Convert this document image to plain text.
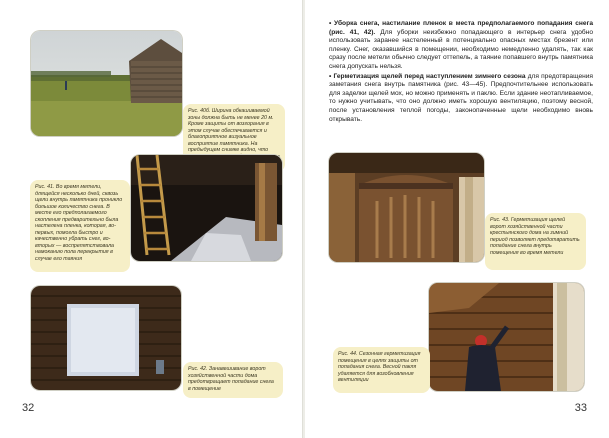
Рис. 40б. Ширина обкашиваемой зоны должна быть не менее 20 м. Кроме защиты от возгорания в этом случае обеспечивается и благоприятное визуальное восприятие памятника. На предыдущем снимке видно, что
Рис. 41. Во время метели, длящейся несколько дней, сквозь щели внутрь памятника проникло большое количество снега. В месте его предполагаемого скопления предварительно была настелена пленка, которая, во-первых, помогла быстро и качественно убрать снег, во-вторых — воспрепятствовала намоканию пола перекрытия в случае его таяния
Рис. 42. Занавешивание ворот хозяйственной части дома предотвращает попадание снега в помещение
32

• Уборка снега, настилание пленок в места предполагаемого попадания снега (рис. 41, 42). Для уборки неизбежно попадающего в интерьер снега удобно использовать заранее настеленный в потенциально опасных местах брезент или пленку. Снег, оказавшийся в помещении, необходимо немедленно удалять, так как сразу после метели обычно следует оттепель, а таяние попавшего внутрь памятника снега допускать нельзя.

• Герметизация щелей перед наступлением зимнего сезона для предотвращения заметания снега внутрь памятника (рис. 43—45). Предпочтительнее использовать для заделки щелей мох, но можно применять и паклю. Если здание неотапливаемое, то нужно учитывать, что оно должно иметь хорошую вентиляцию, поэтому весной, после установления теплой погоды, законопаченные щели необходимо вновь открывать.

Рис. 43. Герметизация щелей ворот хозяйственной части крестьянского дома на зимний период позволяет предотвратить попадание снега внутрь помещения во время метели
Рис. 44. Сезонная герметизация помещения в целях защиты от попадания снега. Весной пакля удаляется для возобновления вентиляции
33
